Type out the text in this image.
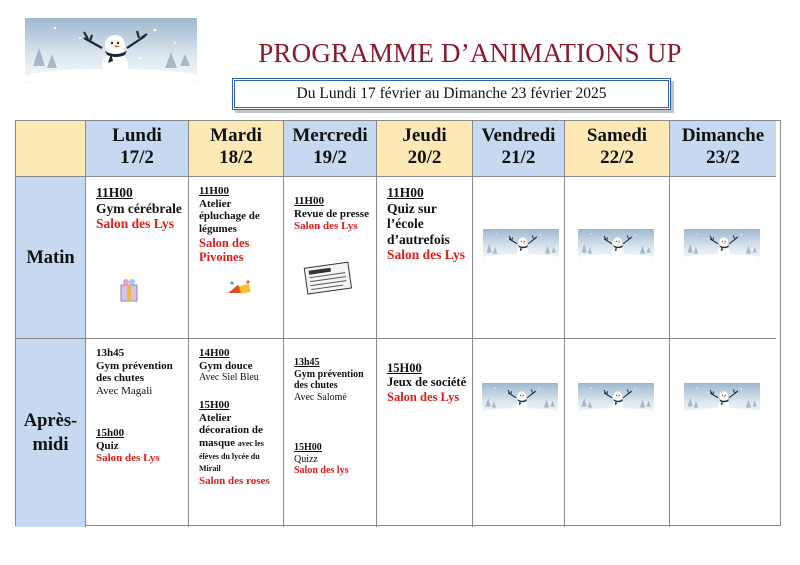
PROGRAMME D’ANIMATIONS UP
Du Lundi 17 février au Dimanche 23 février 2025
Lundi
17/2
Mardi
18/2
Mercredi
19/2
Jeudi
20/2
Vendredi
21/2
Samedi
22/2
Dimanche
23/2
Matin
11H00
Gym cérébrale
Salon des Lys
11H00
Atelier épluchage de légumes
Salon des Pivoines
11H00
Revue de presse
Salon des Lys
11H00
Quiz sur l’école d’autrefois
Salon des Lys
Après-
midi
13h45
Gym prévention des chutes
Avec Magali
15h00
Quiz
Salon des Lys
14H00
Gym douce
Avec Siel Bleu
15H00
Atelier décoration de masque avec les élèves du lycée du Mirail
Salon des roses
13h45
Gym prévention des chutes
Avec Salomé
15H00
Quizz
Salon des lys
15H00
Jeux de société
Salon des Lys
